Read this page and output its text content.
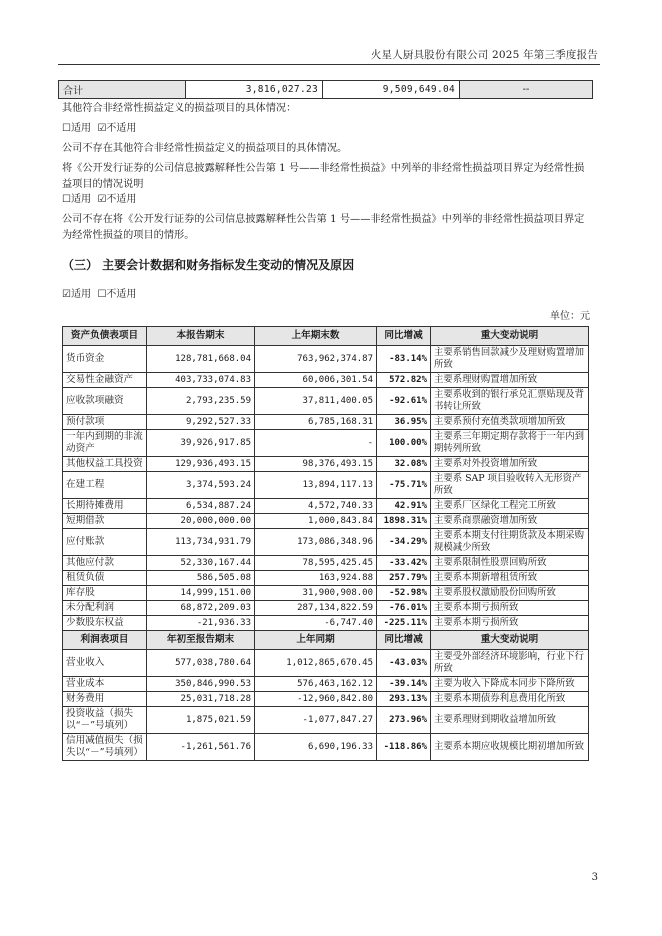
火星人厨具股份有限公司 2025 年第三季度报告
合计	3,816,027.23	9,509,649.04	--
其他符合非经常性损益定义的损益项目的具体情况：
☐适用 ☑不适用
公司不存在其他符合非经常性损益定义的损益项目的具体情况。
将《公开发行证券的公司信息披露解释性公告第 1 号——非经常性损益》中列举的非经常性损益项目界定为经常性损益项目的情况说明
☐适用 ☑不适用
公司不存在将《公开发行证券的公司信息披露解释性公告第 1 号——非经常性损益》中列举的非经常性损益项目界定为经常性损益的项目的情形。
（三） 主要会计数据和财务指标发生变动的情况及原因
☑适用 ☐不适用
单位：元
资产负债表项目	本报告期末	上年期末数	同比增减	重大变动说明
货币资金	128,781,668.04	763,962,374.87	-83.14%	主要系销售回款减少及理财购置增加所致
交易性金融资产	403,733,074.83	60,006,301.54	572.82%	主要系理财购置增加所致
应收款项融资	2,793,235.59	37,811,400.05	-92.61%	主要系收到的银行承兑汇票贴现及背书转让所致
预付款项	9,292,527.33	6,785,168.31	36.95%	主要系预付充值类款项增加所致
一年内到期的非流动资产	39,926,917.85	-	100.00%	主要系三年期定期存款将于一年内到期转列所致
其他权益工具投资	129,936,493.15	98,376,493.15	32.08%	主要系对外投资增加所致
在建工程	3,374,593.24	13,894,117.13	-75.71%	主要系 SAP 项目验收转入无形资产所致
长期待摊费用	6,534,887.24	4,572,740.33	42.91%	主要系厂区绿化工程完工所致
短期借款	20,000,000.00	1,000,843.84	1898.31%	主要系商票融资增加所致
应付账款	113,734,931.79	173,086,348.96	-34.29%	主要系本期支付往期货款及本期采购规模减少所致
其他应付款	52,330,167.44	78,595,425.45	-33.42%	主要系限制性股票回购所致
租赁负债	586,505.08	163,924.88	257.79%	主要系本期新增租赁所致
库存股	14,999,151.00	31,900,908.00	-52.98%	主要系股权激励股份回购所致
未分配利润	68,872,209.03	287,134,822.59	-76.01%	主要系本期亏损所致
少数股东权益	-21,936.33	-6,747.40	-225.11%	主要系本期亏损所致
利润表项目	年初至报告期末	上年同期	同比增减	重大变动说明
营业收入	577,038,780.64	1,012,865,670.45	-43.03%	主要受外部经济环境影响，行业下行所致
营业成本	350,846,990.53	576,463,162.12	-39.14%	主要为收入下降成本同步下降所致
财务费用	25,031,718.28	-12,960,842.80	293.13%	主要系本期债券利息费用化所致
投资收益（损失以“－”号填列）	1,875,021.59	-1,077,847.27	273.96%	主要系理财到期收益增加所致
信用减值损失（损失以“－”号填列）	-1,261,561.76	6,690,196.33	-118.86%	主要系本期应收规模比期初增加所致
3
